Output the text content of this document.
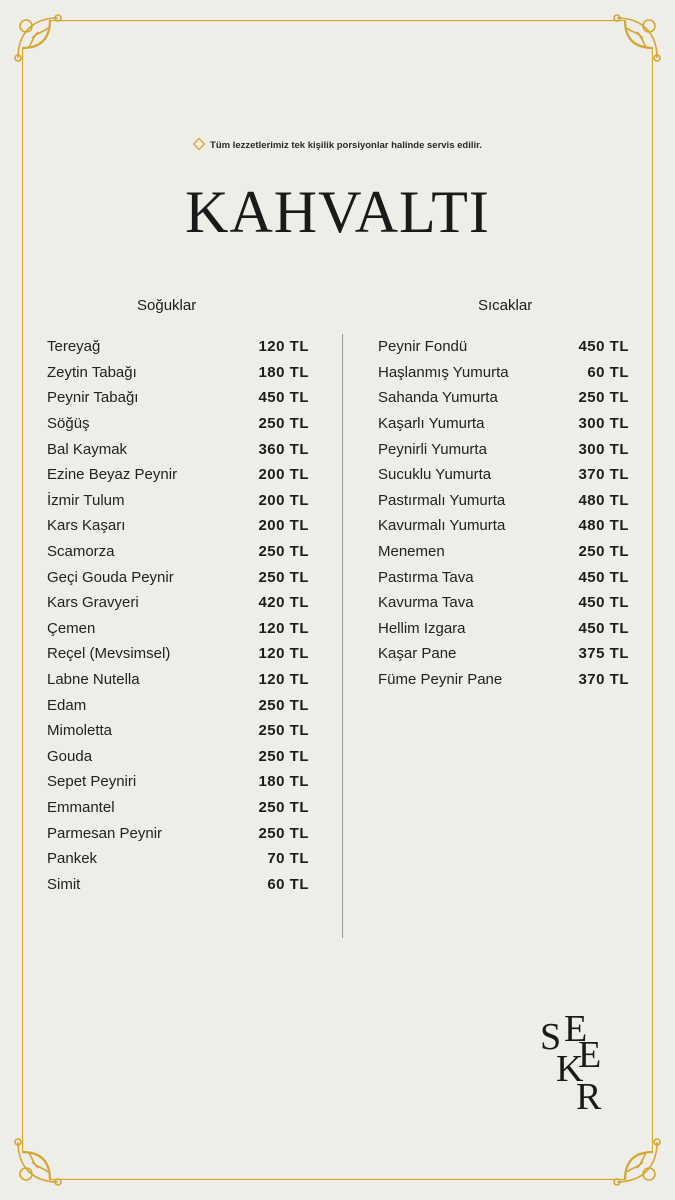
Tüm lezzetlerimiz tek kişilik porsiyonlar halinde servis edilir.
KAHVALTI
Soğuklar	Sıcaklar
Tereyağ	120 TL
Zeytin Tabağı	180 TL
Peynir Tabağı	450 TL
Söğüş	250 TL
Bal Kaymak	360 TL
Ezine Beyaz Peynir	200 TL
İzmir Tulum	200 TL
Kars Kaşarı	200 TL
Scamorza	250 TL
Geçi Gouda Peynir	250 TL
Kars Gravyeri	420 TL
Çemen	120 TL
Reçel (Mevsimsel)	120 TL
Labne Nutella	120 TL
Edam	250 TL
Mimoletta	250 TL
Gouda	250 TL
Sepet Peyniri	180 TL
Emmantel	250 TL
Parmesan Peynir	250 TL
Pankek	70 TL
Simit	60 TL
Peynir Fondü	450 TL
Haşlanmış Yumurta	60 TL
Sahanda Yumurta	250 TL
Kaşarlı Yumurta	300 TL
Peynirli Yumurta	300 TL
Sucuklu Yumurta	370 TL
Pastırmalı Yumurta	480 TL
Kavurmalı Yumurta	480 TL
Menemen	250 TL
Pastırma Tava	450 TL
Kavurma Tava	450 TL
Hellim Izgara	450 TL
Kaşar Pane	375 TL
Füme Peynir Pane	370 TL
S E
E
K
R
